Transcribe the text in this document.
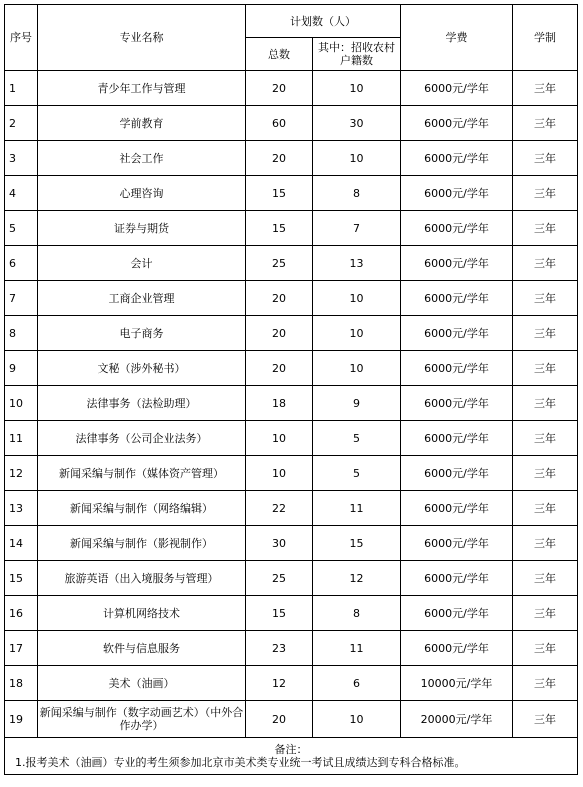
序号	专业名称	计划数（人）		学费	学制
		总数	其中：招收农村户籍数		
1	青少年工作与管理	20	10	6000元/学年	三年
2	学前教育	60	30	6000元/学年	三年
3	社会工作	20	10	6000元/学年	三年
4	心理咨询	15	8	6000元/学年	三年
5	证券与期货	15	7	6000元/学年	三年
6	会计	25	13	6000元/学年	三年
7	工商企业管理	20	10	6000元/学年	三年
8	电子商务	20	10	6000元/学年	三年
9	文秘（涉外秘书）	20	10	6000元/学年	三年
10	法律事务（法检助理）	18	9	6000元/学年	三年
11	法律事务（公司企业法务）	10	5	6000元/学年	三年
12	新闻采编与制作（媒体资产管理）	10	5	6000元/学年	三年
13	新闻采编与制作（网络编辑）	22	11	6000元/学年	三年
14	新闻采编与制作（影视制作）	30	15	6000元/学年	三年
15	旅游英语（出入境服务与管理）	25	12	6000元/学年	三年
16	计算机网络技术	15	8	6000元/学年	三年
17	软件与信息服务	23	11	6000元/学年	三年
18	美术（油画）	12	6	10000元/学年	三年
19	新闻采编与制作（数字动画艺术）（中外合作办学）	20	10	20000元/学年	三年

备注：
1.报考美术（油画）专业的考生须参加北京市美术类专业统一考试且成绩达到专科合格标准。					
